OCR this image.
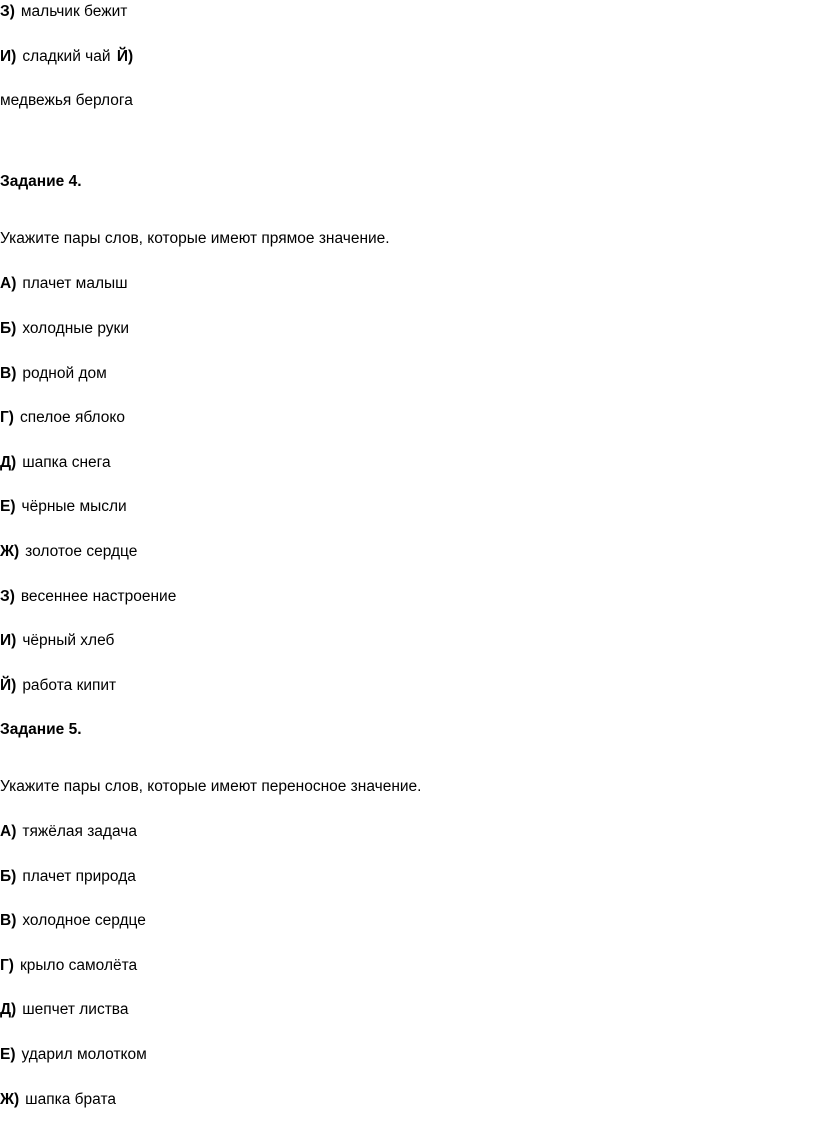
З) мальчик бежит
И) сладкий чай Й)
медвежья берлога
Задание 4.
Укажите пары слов, которые имеют прямое значение.
А) плачет малыш
Б) холодные руки
В) родной дом
Г) спелое яблоко
Д) шапка снега
Е) чёрные мысли
Ж) золотое сердце
З) весеннее настроение
И) чёрный хлеб
Й) работа кипит
Задание 5.
Укажите пары слов, которые имеют переносное значение.
А) тяжёлая задача
Б) плачет природа
В) холодное сердце
Г) крыло самолёта
Д) шепчет листва
Е) ударил молотком
Ж) шапка брата
